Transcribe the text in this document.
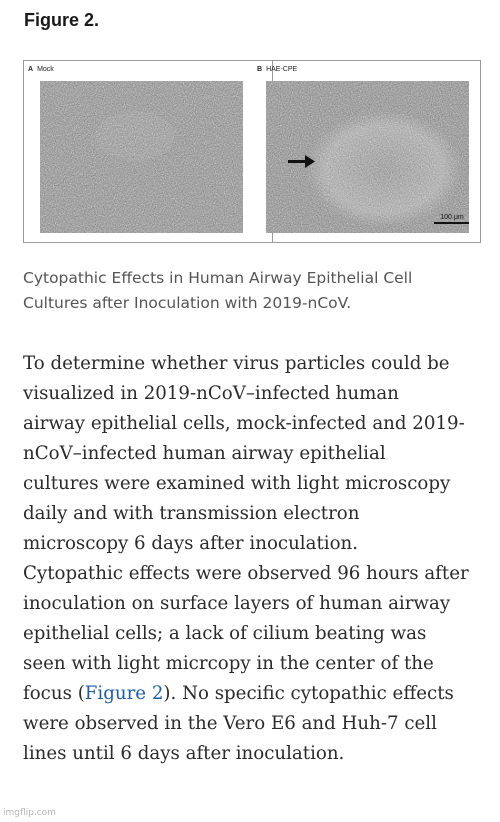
Figure 2.
A Mock	B HAE-CPE
100 μm
Cytopathic Effects in Human Airway Epithelial Cell
Cultures after Inoculation with 2019-nCoV.
To determine whether virus particles could be
visualized in 2019-nCoV–infected human
airway epithelial cells, mock-infected and 2019-
nCoV–infected human airway epithelial
cultures were examined with light microscopy
daily and with transmission electron
microscopy 6 days after inoculation.
Cytopathic effects were observed 96 hours after
inoculation on surface layers of human airway
epithelial cells; a lack of cilium beating was
seen with light micrcopy in the center of the
focus (Figure 2). No specific cytopathic effects
were observed in the Vero E6 and Huh-7 cell
lines until 6 days after inoculation.
imgflip.com
